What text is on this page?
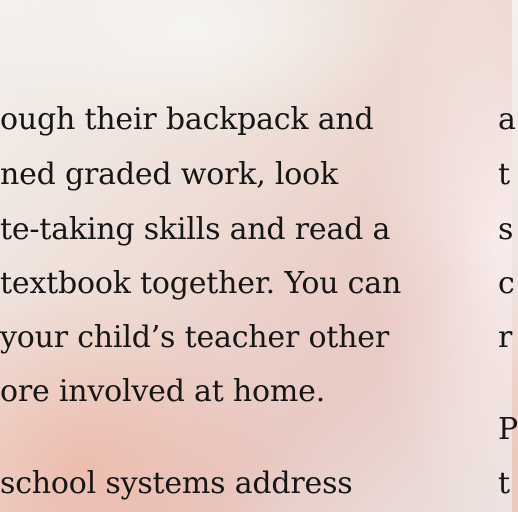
ough their backpack and
ned graded work, look
te-taking skills and read a
textbook together. You can
your child’s teacher other
ore involved at home.
school systems address
a
t
s
c
r
P
t
